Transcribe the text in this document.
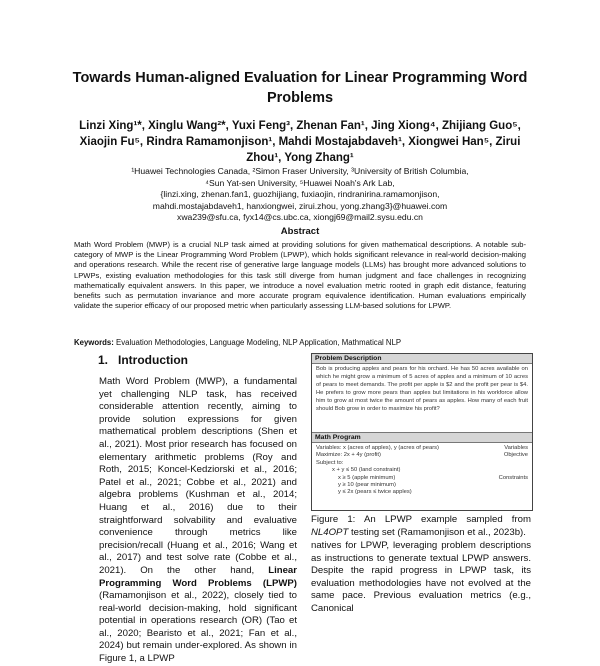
Towards Human-aligned Evaluation for Linear Programming Word Problems
Linzi Xing¹*, Xinglu Wang²*, Yuxi Feng³, Zhenan Fan¹, Jing Xiong⁴, Zhijiang Guo⁵, Xiaojin Fu⁵, Rindra Ramamonjison¹, Mahdi Mostajabdaveh¹, Xiongwei Han⁵, Zirui Zhou¹, Yong Zhang¹
¹Huawei Technologies Canada, ²Simon Fraser University, ³University of British Columbia,
⁴Sun Yat-sen University, ⁵Huawei Noah's Ark Lab,
{linzi.xing, zhenan.fan1, guozhijiang, fuxiaojin, rindranirina.ramamonjison,
mahdi.mostajabdaveh1, hanxiongwei, zirui.zhou, yong.zhang3}@huawei.com
xwa239@sfu.ca, fyx14@cs.ubc.ca, xiongj69@mail2.sysu.edu.cn
Abstract
Math Word Problem (MWP) is a crucial NLP task aimed at providing solutions for given mathematical descriptions. A notable sub-category of MWP is the Linear Programming Word Problem (LPWP), which holds significant relevance in real-world decision-making and operations research. While the recent rise of generative large language models (LLMs) has brought more advanced solutions to LPWPs, existing evaluation methodologies for this task still diverge from human judgment and face challenges in recognizing mathematically equivalent answers. In this paper, we introduce a novel evaluation metric rooted in graph edit distance, featuring benefits such as permutation invariance and more accurate program equivalence identification. Human evaluations empirically validate the superior efficacy of our proposed metric when particularly assessing LLM-based solutions for LPWP.
Keywords: Evaluation Methodologies, Language Modeling, NLP Application, Mathmatical NLP
1. Introduction
Math Word Problem (MWP), a fundamental yet challenging NLP task, has received considerable attention recently, aiming to provide solution expressions for given mathematical problem descriptions (Shen et al., 2021). Most prior research has focused on elementary arithmetic problems (Roy and Roth, 2015; Koncel-Kedziorski et al., 2016; Patel et al., 2021; Cobbe et al., 2021) and algebra problems (Kushman et al., 2014; Huang et al., 2016) due to their straightforward solvability and evaluative convenience through metrics like precision/recall (Huang et al., 2016; Wang et al., 2017) and test solve rate (Cobbe et al., 2021). On the other hand, Linear Programming Word Problems (LPWP) (Ramamonjison et al., 2022), closely tied to real-world decision-making, hold significant potential in operations research (OR) (Tao et al., 2020; Bearisto et al., 2021; Fan et al., 2024) but remain under-explored. As shown in Figure 1, a LPWP
Problem Description
Bob is producing apples and pears for his orchard. He has 50 acres available on which he might grow a minimum of 5 acres of apples and a minimum of 10 acres of pears to meet demands. The profit per apple is $2 and the profit per pear is $4. He prefers to grow more pears than apples but limitations in his workforce allow him to grow at most twice the amount of pears as apples. How many of each fruit should Bob grow in order to maximize his profit?
Math Program
Variables: x (acres of apples), y (acres of pears)	Variables
Maximize: 2x + 4y (profit)	Objective
Subject to:
x + y ≤ 50 (land constraint)
x ≥ 5 (apple minimum)	Constraints
y ≥ 10 (pear minimum)
y ≤ 2x (pears ≤ twice apples)
Figure 1: An LPWP example sampled from NL4OPT testing set (Ramamonjison et al., 2023b).
natives for LPWP, leveraging problem descriptions as instructions to generate textual LPWP answers. Despite the rapid progress in LPWP task, its evaluation methodologies have not evolved at the same pace. Previous evaluation metrics (e.g., Canonical
